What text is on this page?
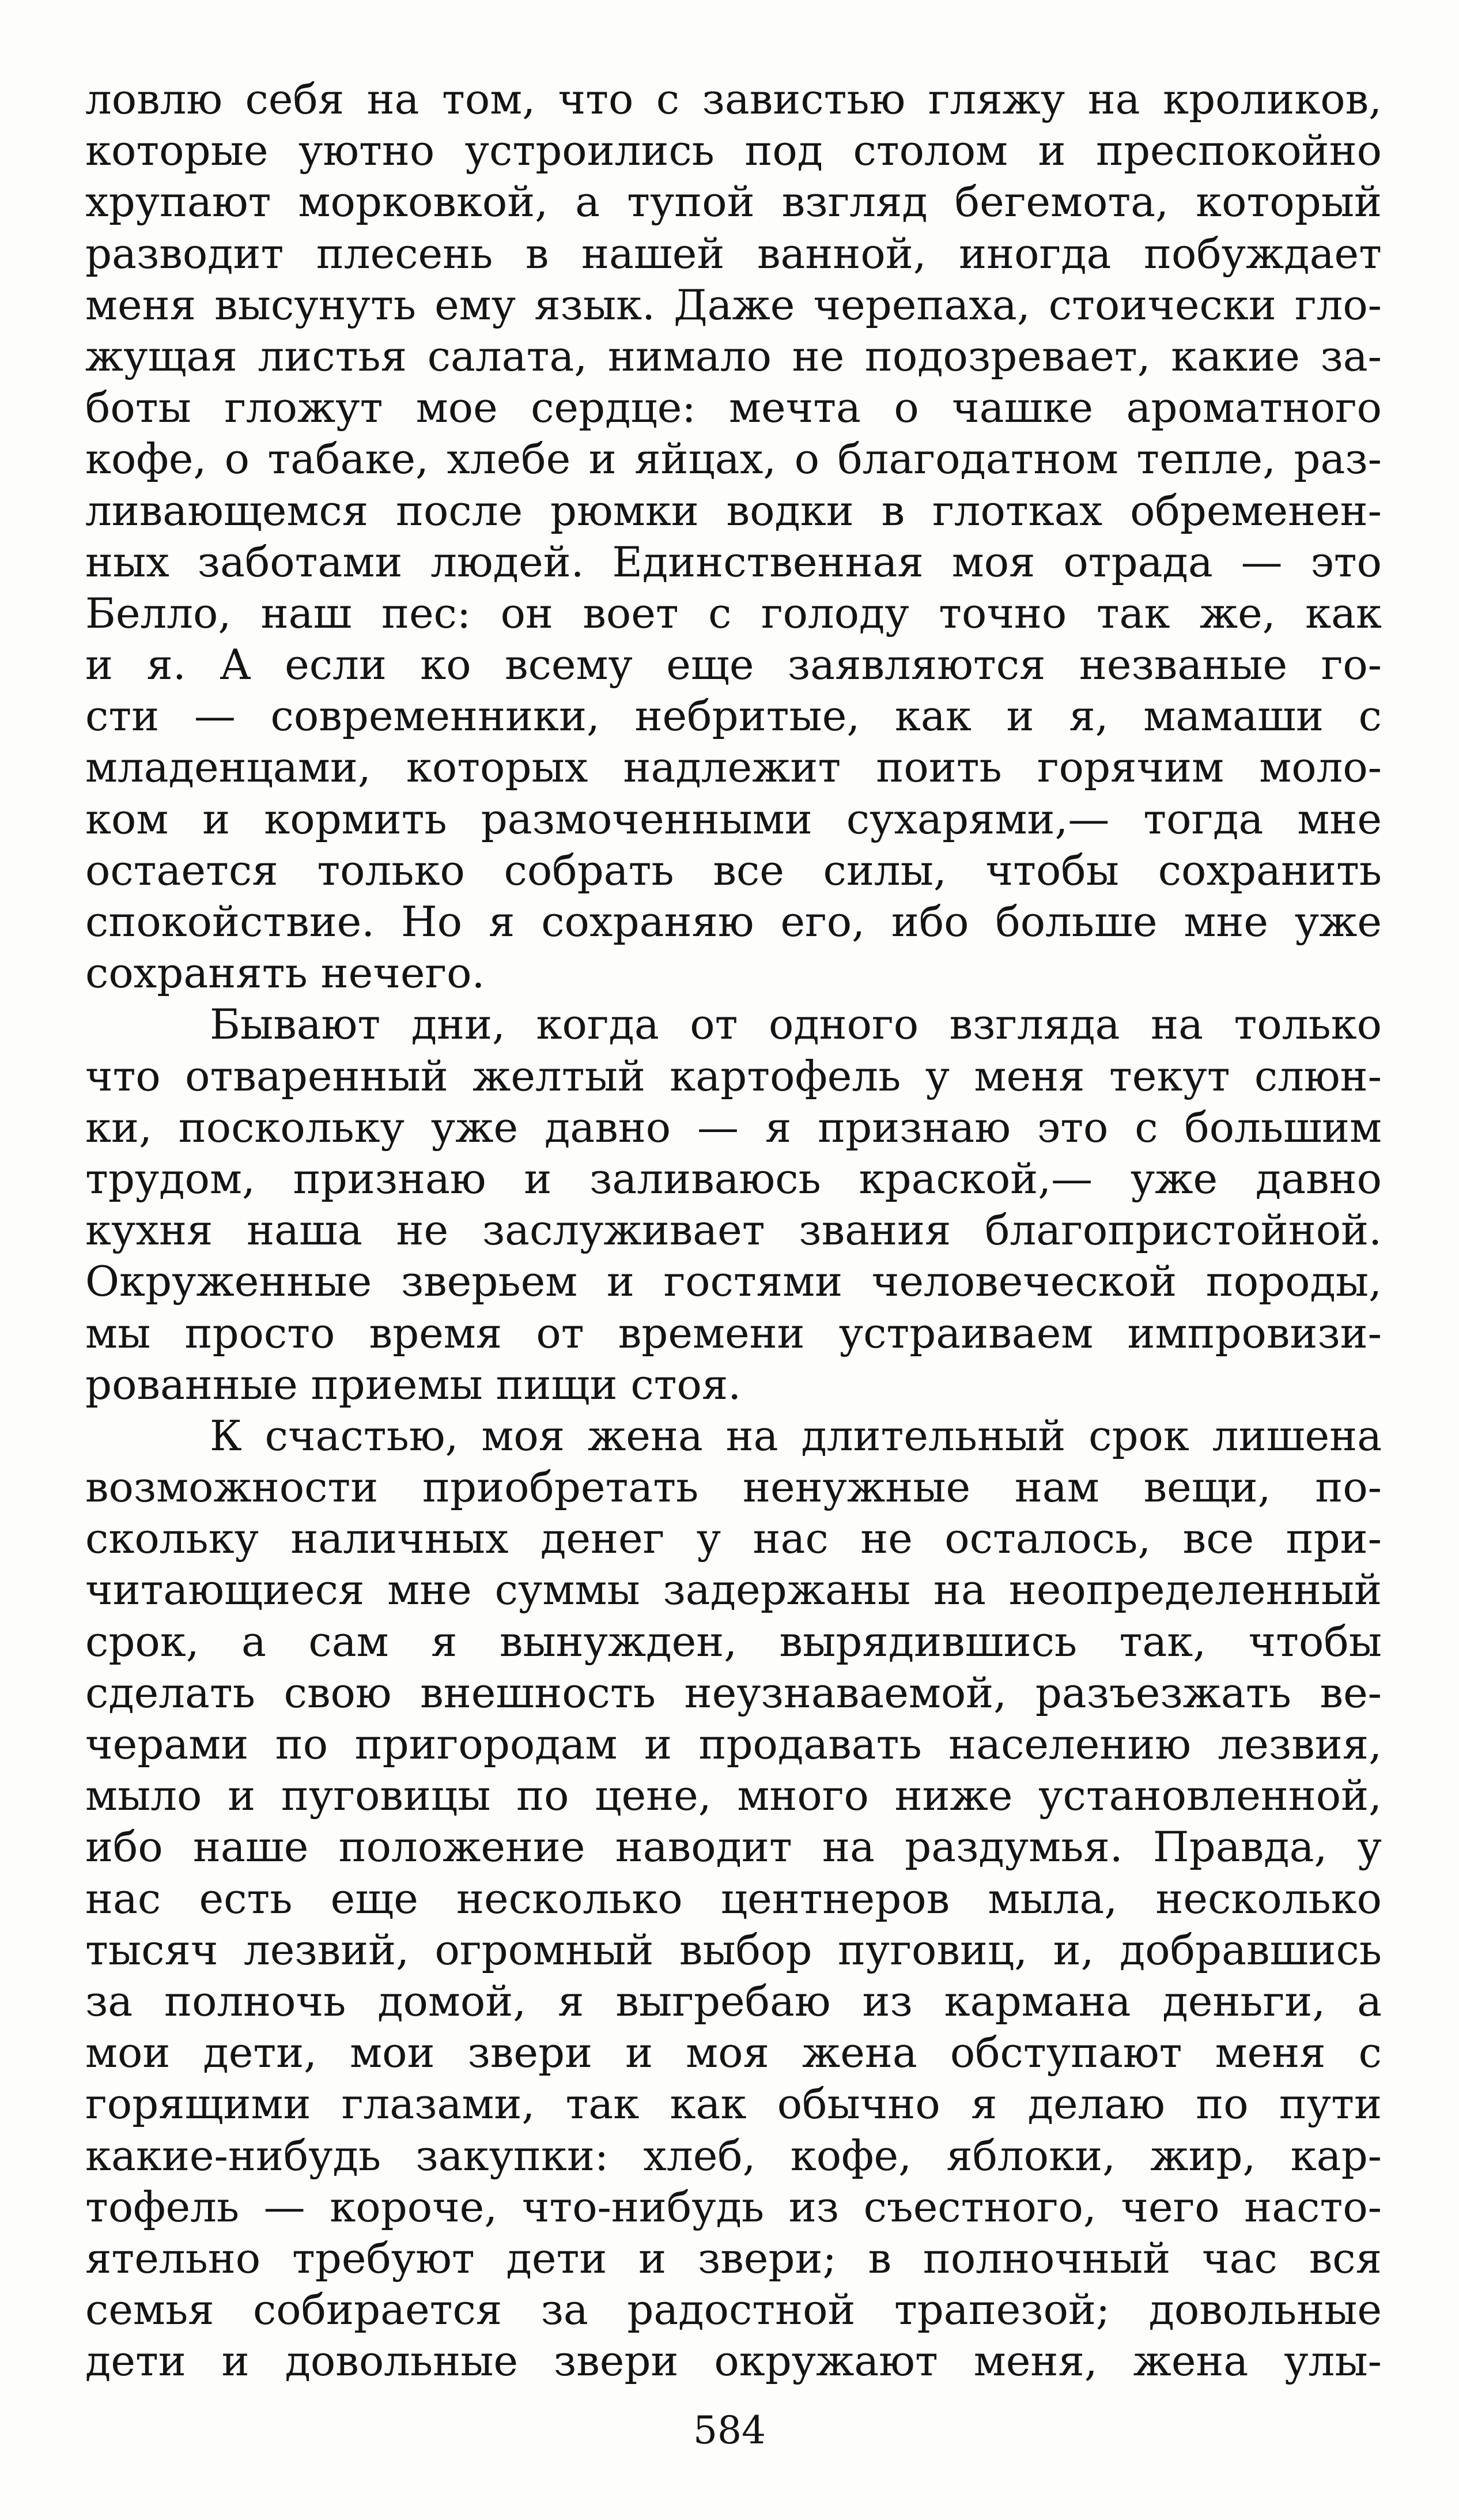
ловлю себя на том, что с завистью гляжу на кроликов,
которые уютно устроились под столом и преспокойно
хрупают морковкой, а тупой взгляд бегемота, который
разводит плесень в нашей ванной, иногда побуждает
меня высунуть ему язык. Даже черепаха, стоически гло-
жущая листья салата, нимало не подозревает, какие за-
боты гложут мое сердце: мечта о чашке ароматного
кофе, о табаке, хлебе и яйцах, о благодатном тепле, раз-
ливающемся после рюмки водки в глотках обременен-
ных заботами людей. Единственная моя отрада — это
Белло, наш пес: он воет с голоду точно так же, как
и я. А если ко всему еще заявляются незваные го-
сти — современники, небритые, как и я, мамаши с
младенцами, которых надлежит поить горячим моло-
ком и кормить размоченными сухарями,— тогда мне
остается только собрать все силы, чтобы сохранить
спокойствие. Но я сохраняю его, ибо больше мне уже
сохранять нечего.
Бывают дни, когда от одного взгляда на только
что отваренный желтый картофель у меня текут слюн-
ки, поскольку уже давно — я признаю это с большим
трудом, признаю и заливаюсь краской,— уже давно
кухня наша не заслуживает звания благопристойной.
Окруженные зверьем и гостями человеческой породы,
мы просто время от времени устраиваем импровизи-
рованные приемы пищи стоя.
К счастью, моя жена на длительный срок лишена
возможности приобретать ненужные нам вещи, по-
скольку наличных денег у нас не осталось, все при-
читающиеся мне суммы задержаны на неопределенный
срок, а сам я вынужден, вырядившись так, чтобы
сделать свою внешность неузнаваемой, разъезжать ве-
черами по пригородам и продавать населению лезвия,
мыло и пуговицы по цене, много ниже установленной,
ибо наше положение наводит на раздумья. Правда, у
нас есть еще несколько центнеров мыла, несколько
тысяч лезвий, огромный выбор пуговиц, и, добравшись
за полночь домой, я выгребаю из кармана деньги, а
мои дети, мои звери и моя жена обступают меня с
горящими глазами, так как обычно я делаю по пути
какие-нибудь закупки: хлеб, кофе, яблоки, жир, кар-
тофель — короче, что-нибудь из съестного, чего насто-
ятельно требуют дети и звери; в полночный час вся
семья собирается за радостной трапезой; довольные
дети и довольные звери окружают меня, жена улы-
584
